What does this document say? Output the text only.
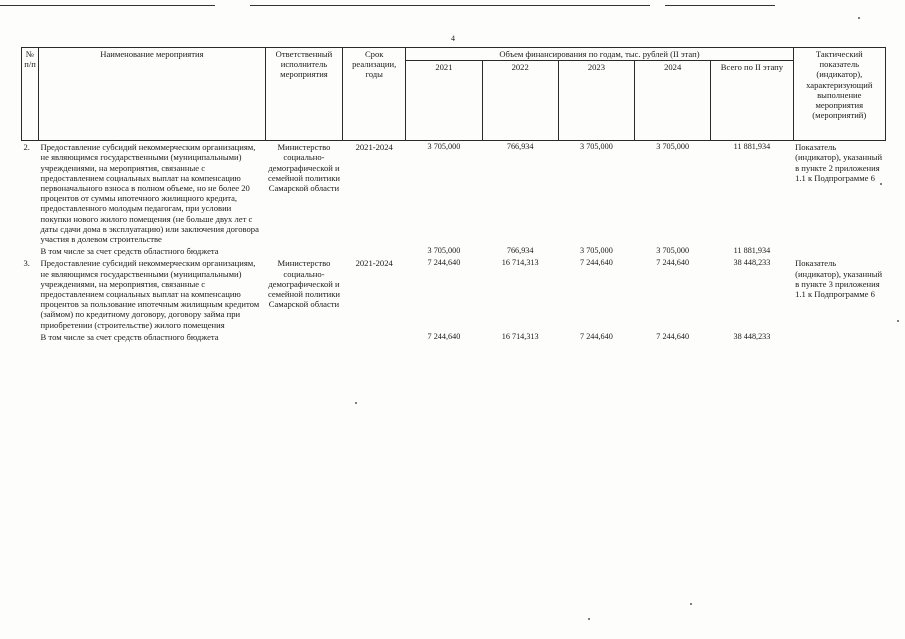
4
№ п/п	Наименование мероприятия	Ответственный исполнитель мероприятия	Срок реализации, годы	Объем финансирования по годам, тыс. рублей (II этап)					Тактический показатель (индикатор), характеризующий выполнение мероприятия (мероприятий)
				2021	2022	2023	2024	Всего по II этапу	
2.	Предоставление субсидий некоммерческим организациям, не являющимся государственными (муниципальными) учреждениями, на мероприятия, связанные с предоставлением социальных выплат на компенсацию первоначального взноса в полном объеме, но не более 20 процентов от суммы ипотечного жилищного кредита, предоставленного молодым педагогам, при условии покупки нового жилого помещения (не больше двух лет с даты сдачи дома в эксплуатацию) или заключения договора участия в долевом строительстве	Министерство социально-демографической и семейной политики Самарской области	2021-2024	3 705,000	766,934	3 705,000	3 705,000	11 881,934	Показатель (индикатор), указанный в пункте 2 приложения 1.1 к Подпрограмме 6
	В том числе за счет средств областного бюджета			3 705,000	766,934	3 705,000	3 705,000	11 881,934	
3.	Предоставление субсидий некоммерческим организациям, не являющимся государственными (муниципальными) учреждениями, на мероприятия, связанные с предоставлением социальных выплат на компенсацию процентов за пользование ипотечным жилищным кредитом (займом) по кредитному договору, договору займа при приобретении (строительстве) жилого помещения	Министерство социально-демографической и семейной политики Самарской области	2021-2024	7 244,640	16 714,313	7 244,640	7 244,640	38 448,233	Показатель (индикатор), указанный в пункте 3 приложения 1.1 к Подпрограмме 6
	В том числе за счет средств областного бюджета			7 244,640	16 714,313	7 244,640	7 244,640	38 448,233	
